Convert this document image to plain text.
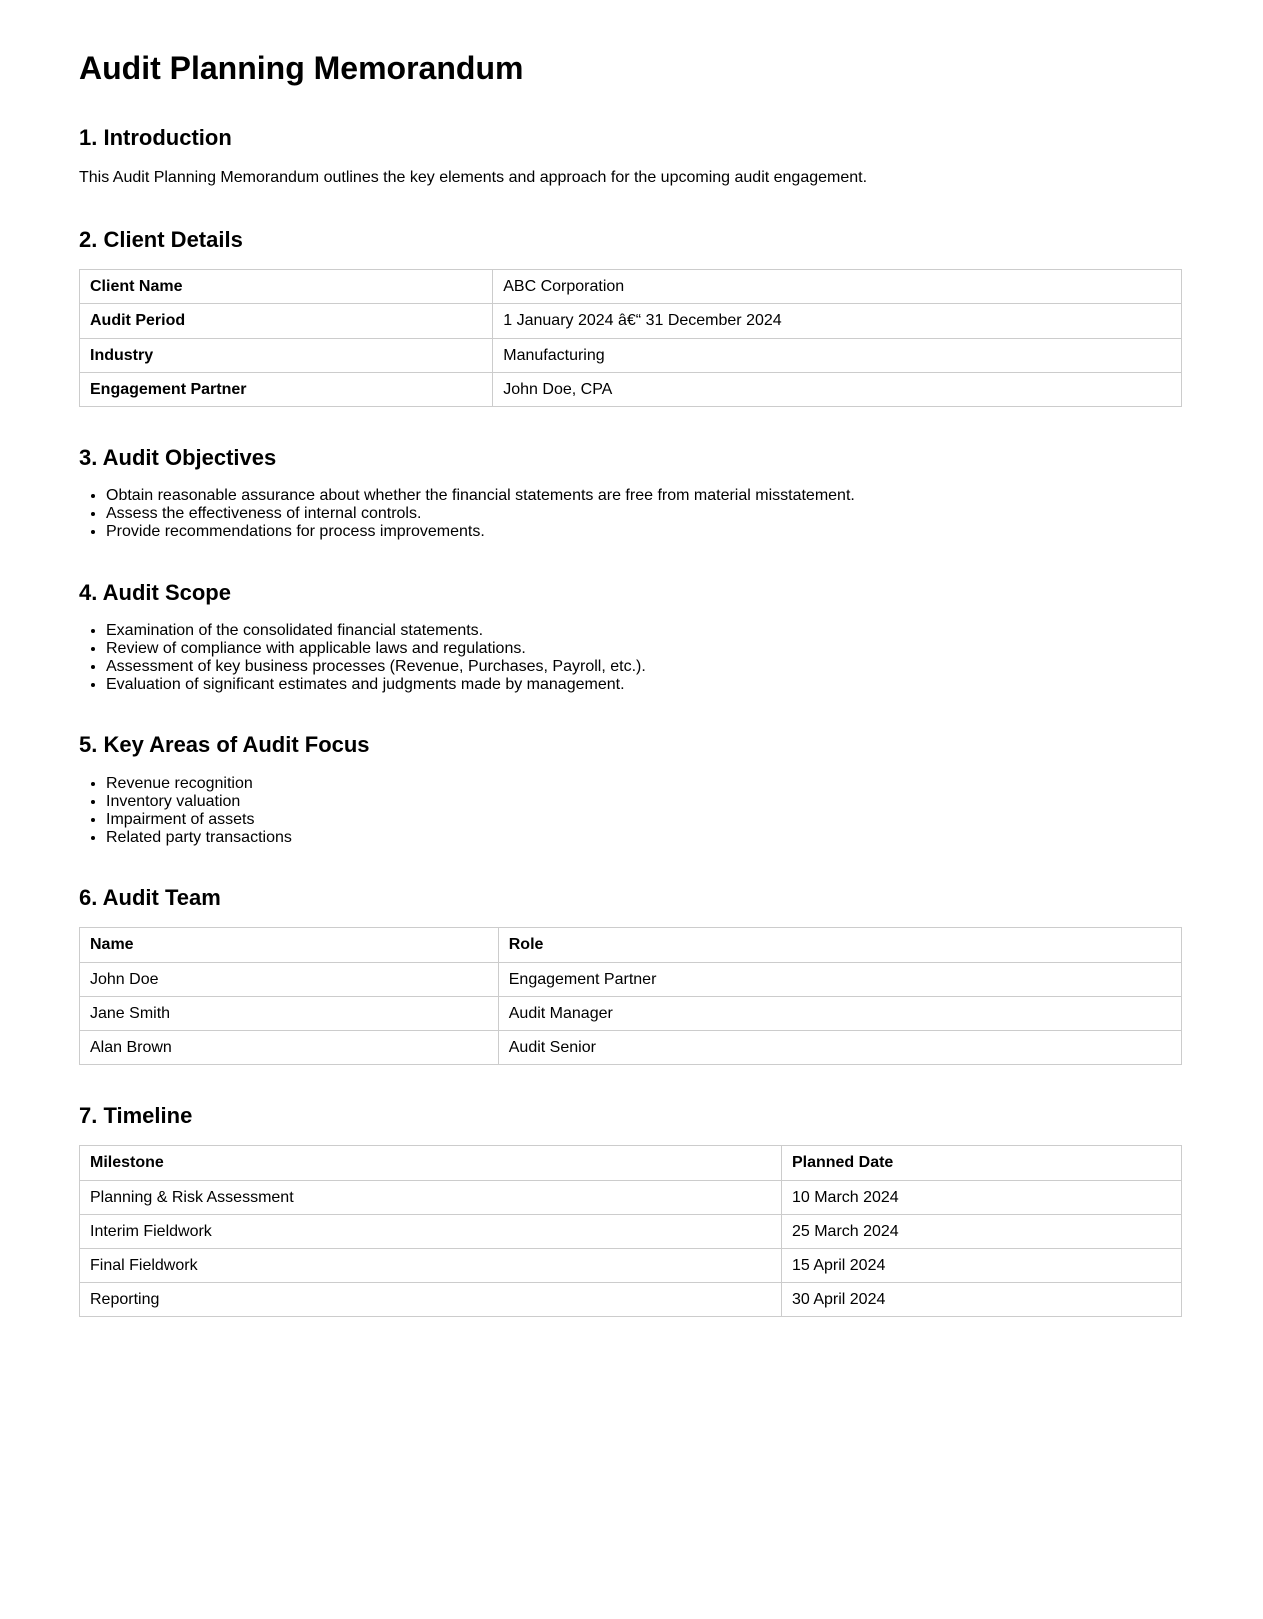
Audit Planning Memorandum
1. Introduction

This Audit Planning Memorandum outlines the key elements and approach for the upcoming audit engagement.

2. Client Details
Client Name	ABC Corporation
Audit Period	1 January 2024 â€“ 31 December 2024
Industry	Manufacturing
Engagement Partner	John Doe, CPA
3. Audit Objectives
• Obtain reasonable assurance about whether the financial statements are free from material misstatement.
• Assess the effectiveness of internal controls.
• Provide recommendations for process improvements.
4. Audit Scope
• Examination of the consolidated financial statements.
• Review of compliance with applicable laws and regulations.
• Assessment of key business processes (Revenue, Purchases, Payroll, etc.).
• Evaluation of significant estimates and judgments made by management.
5. Key Areas of Audit Focus
• Revenue recognition
• Inventory valuation
• Impairment of assets
• Related party transactions
6. Audit Team
Name	Role
John Doe	Engagement Partner
Jane Smith	Audit Manager
Alan Brown	Audit Senior
7. Timeline
Milestone	Planned Date
Planning & Risk Assessment	10 March 2024
Interim Fieldwork	25 March 2024
Final Fieldwork	15 April 2024
Reporting	30 April 2024
